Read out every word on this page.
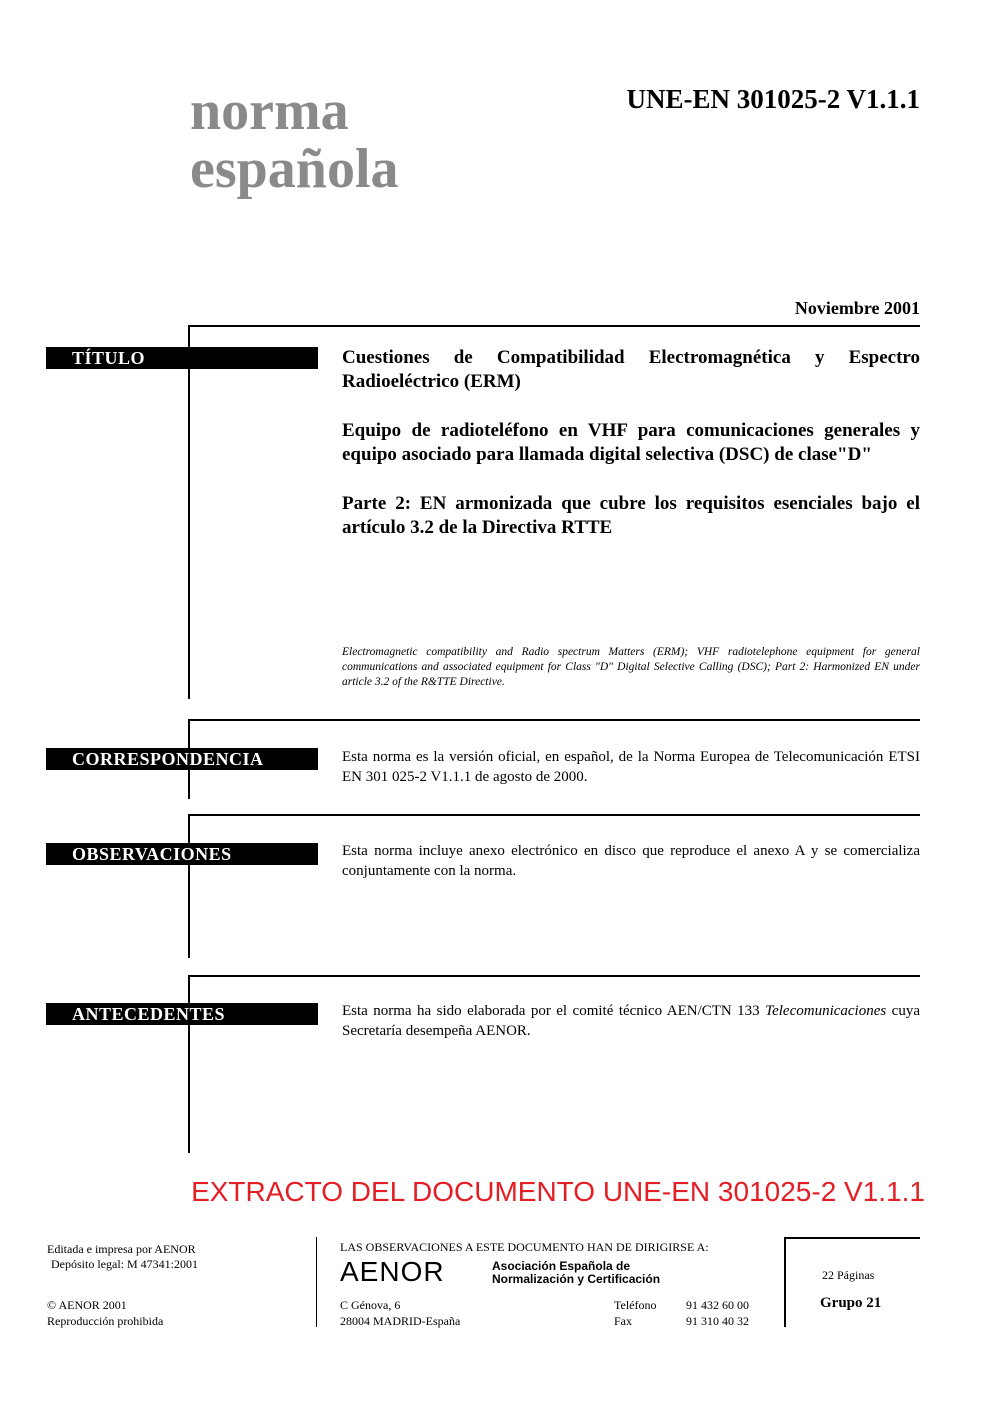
norma
española
UNE-EN 301025-2 V1.1.1
Noviembre 2001
TÍTULO	Cuestiones de Compatibilidad Electromagnética y Espectro Radioeléctrico (ERM)

Equipo de radioteléfono en VHF para comunicaciones generales y equipo asociado para llamada digital selectiva (DSC) de clase"D"

Parte 2: EN armonizada que cubre los requisitos esenciales bajo el artículo 3.2 de la Directiva RTTE

Electromagnetic compatibility and Radio spectrum Matters (ERM); VHF radiotelephone equipment for general communications and associated equipment for Class "D" Digital Selective Calling (DSC); Part 2: Harmonized EN under article 3.2 of the R&TTE Directive.
CORRESPONDENCIA	Esta norma es la versión oficial, en español, de la Norma Europea de Telecomunicación ETSI EN 301 025-2 V1.1.1 de agosto de 2000.
OBSERVACIONES	Esta norma incluye anexo electrónico en disco que reproduce el anexo A y se comercializa conjuntamente con la norma.
ANTECEDENTES	Esta norma ha sido elaborada por el comité técnico AEN/CTN 133 Telecomunicaciones cuya Secretaría desempeña AENOR.
EXTRACTO DEL DOCUMENTO UNE-EN 301025-2 V1.1.1
Editada e impresa por AENOR
Depósito legal: M 47341:2001
© AENOR 2001
Reproducción prohibida
LAS OBSERVACIONES A ESTE DOCUMENTO HAN DE DIRIGIRSE A:
AENOR	Asociación Española de
Normalización y Certificación
C Génova, 6
28004 MADRID-España
Teléfono 91 432 60 00
Fax	91 310 40 32
22 Páginas
Grupo 21
